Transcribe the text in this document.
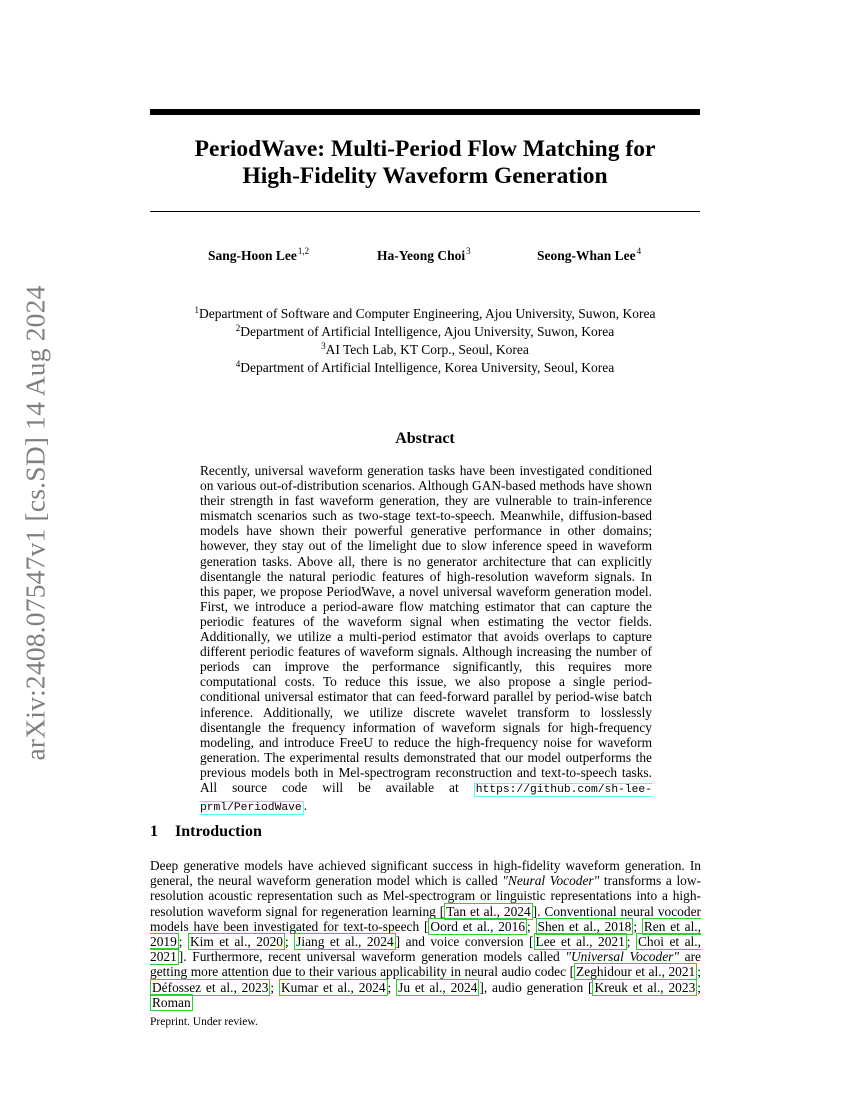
arXiv:2408.07547v1 [cs.SD] 14 Aug 2024
PeriodWave: Multi-Period Flow Matching for
High-Fidelity Waveform Generation
Sang-Hoon Lee$^{1,2}$	Ha-Yeong Choi$^3$	Seong-Whan Lee$^4$
$^1$Department of Software and Computer Engineering, Ajou University, Suwon, Korea
$^2$Department of Artificial Intelligence, Ajou University, Suwon, Korea
$^3$AI Tech Lab, KT Corp., Seoul, Korea
$^4$Department of Artificial Intelligence, Korea University, Seoul, Korea
Abstract
Recently, universal waveform generation tasks have been investigated conditioned on various out-of-distribution scenarios. Although GAN-based methods have shown their strength in fast waveform generation, they are vulnerable to train-inference mismatch scenarios such as two-stage text-to-speech. Meanwhile, diffusion-based models have shown their powerful generative performance in other domains; however, they stay out of the limelight due to slow inference speed in waveform generation tasks. Above all, there is no generator architecture that can explicitly disentangle the natural periodic features of high-resolution waveform signals. In this paper, we propose PeriodWave, a novel universal waveform generation model. First, we introduce a period-aware flow matching estimator that can capture the periodic features of the waveform signal when estimating the vector fields. Additionally, we utilize a multi-period estimator that avoids overlaps to capture different periodic features of waveform signals. Although increasing the number of periods can improve the performance significantly, this requires more computational costs. To reduce this issue, we also propose a single period-conditional universal estimator that can feed-forward parallel by period-wise batch inference. Additionally, we utilize discrete wavelet transform to losslessly disentangle the frequency information of waveform signals for high-frequency modeling, and introduce FreeU to reduce the high-frequency noise for waveform generation. The experimental results demonstrated that our model outperforms the previous models both in Mel-spectrogram reconstruction and text-to-speech tasks. All source code will be available at https://github.com/sh-lee-prml/PeriodWave .
1 Introduction
Deep generative models have achieved significant success in high-fidelity waveform generation. In general, the neural waveform generation model which is called "Neural Vocoder" transforms a low-resolution acoustic representation such as Mel-spectrogram or linguistic representations into a high-resolution waveform signal for regeneration learning [ Tan et al., 2024 ]. Conventional neural vocoder models have been investigated for text-to-speech [ Oord et al., 2016 ; Shen et al., 2018 ; Ren et al., 2019 ; Kim et al., 2020 ; Jiang et al., 2024 ] and voice conversion [ Lee et al., 2021 ; Choi et al., 2021 ]. Furthermore, recent universal waveform generation models called "Universal Vocoder" are getting more attention due to their various applicability in neural audio codec [ Zeghidour et al., 2021 ; Défossez et al., 2023 ; Kumar et al., 2024 ; Ju et al., 2024 ], audio generation [ Kreuk et al., 2023 ; Roman
Preprint. Under review.
